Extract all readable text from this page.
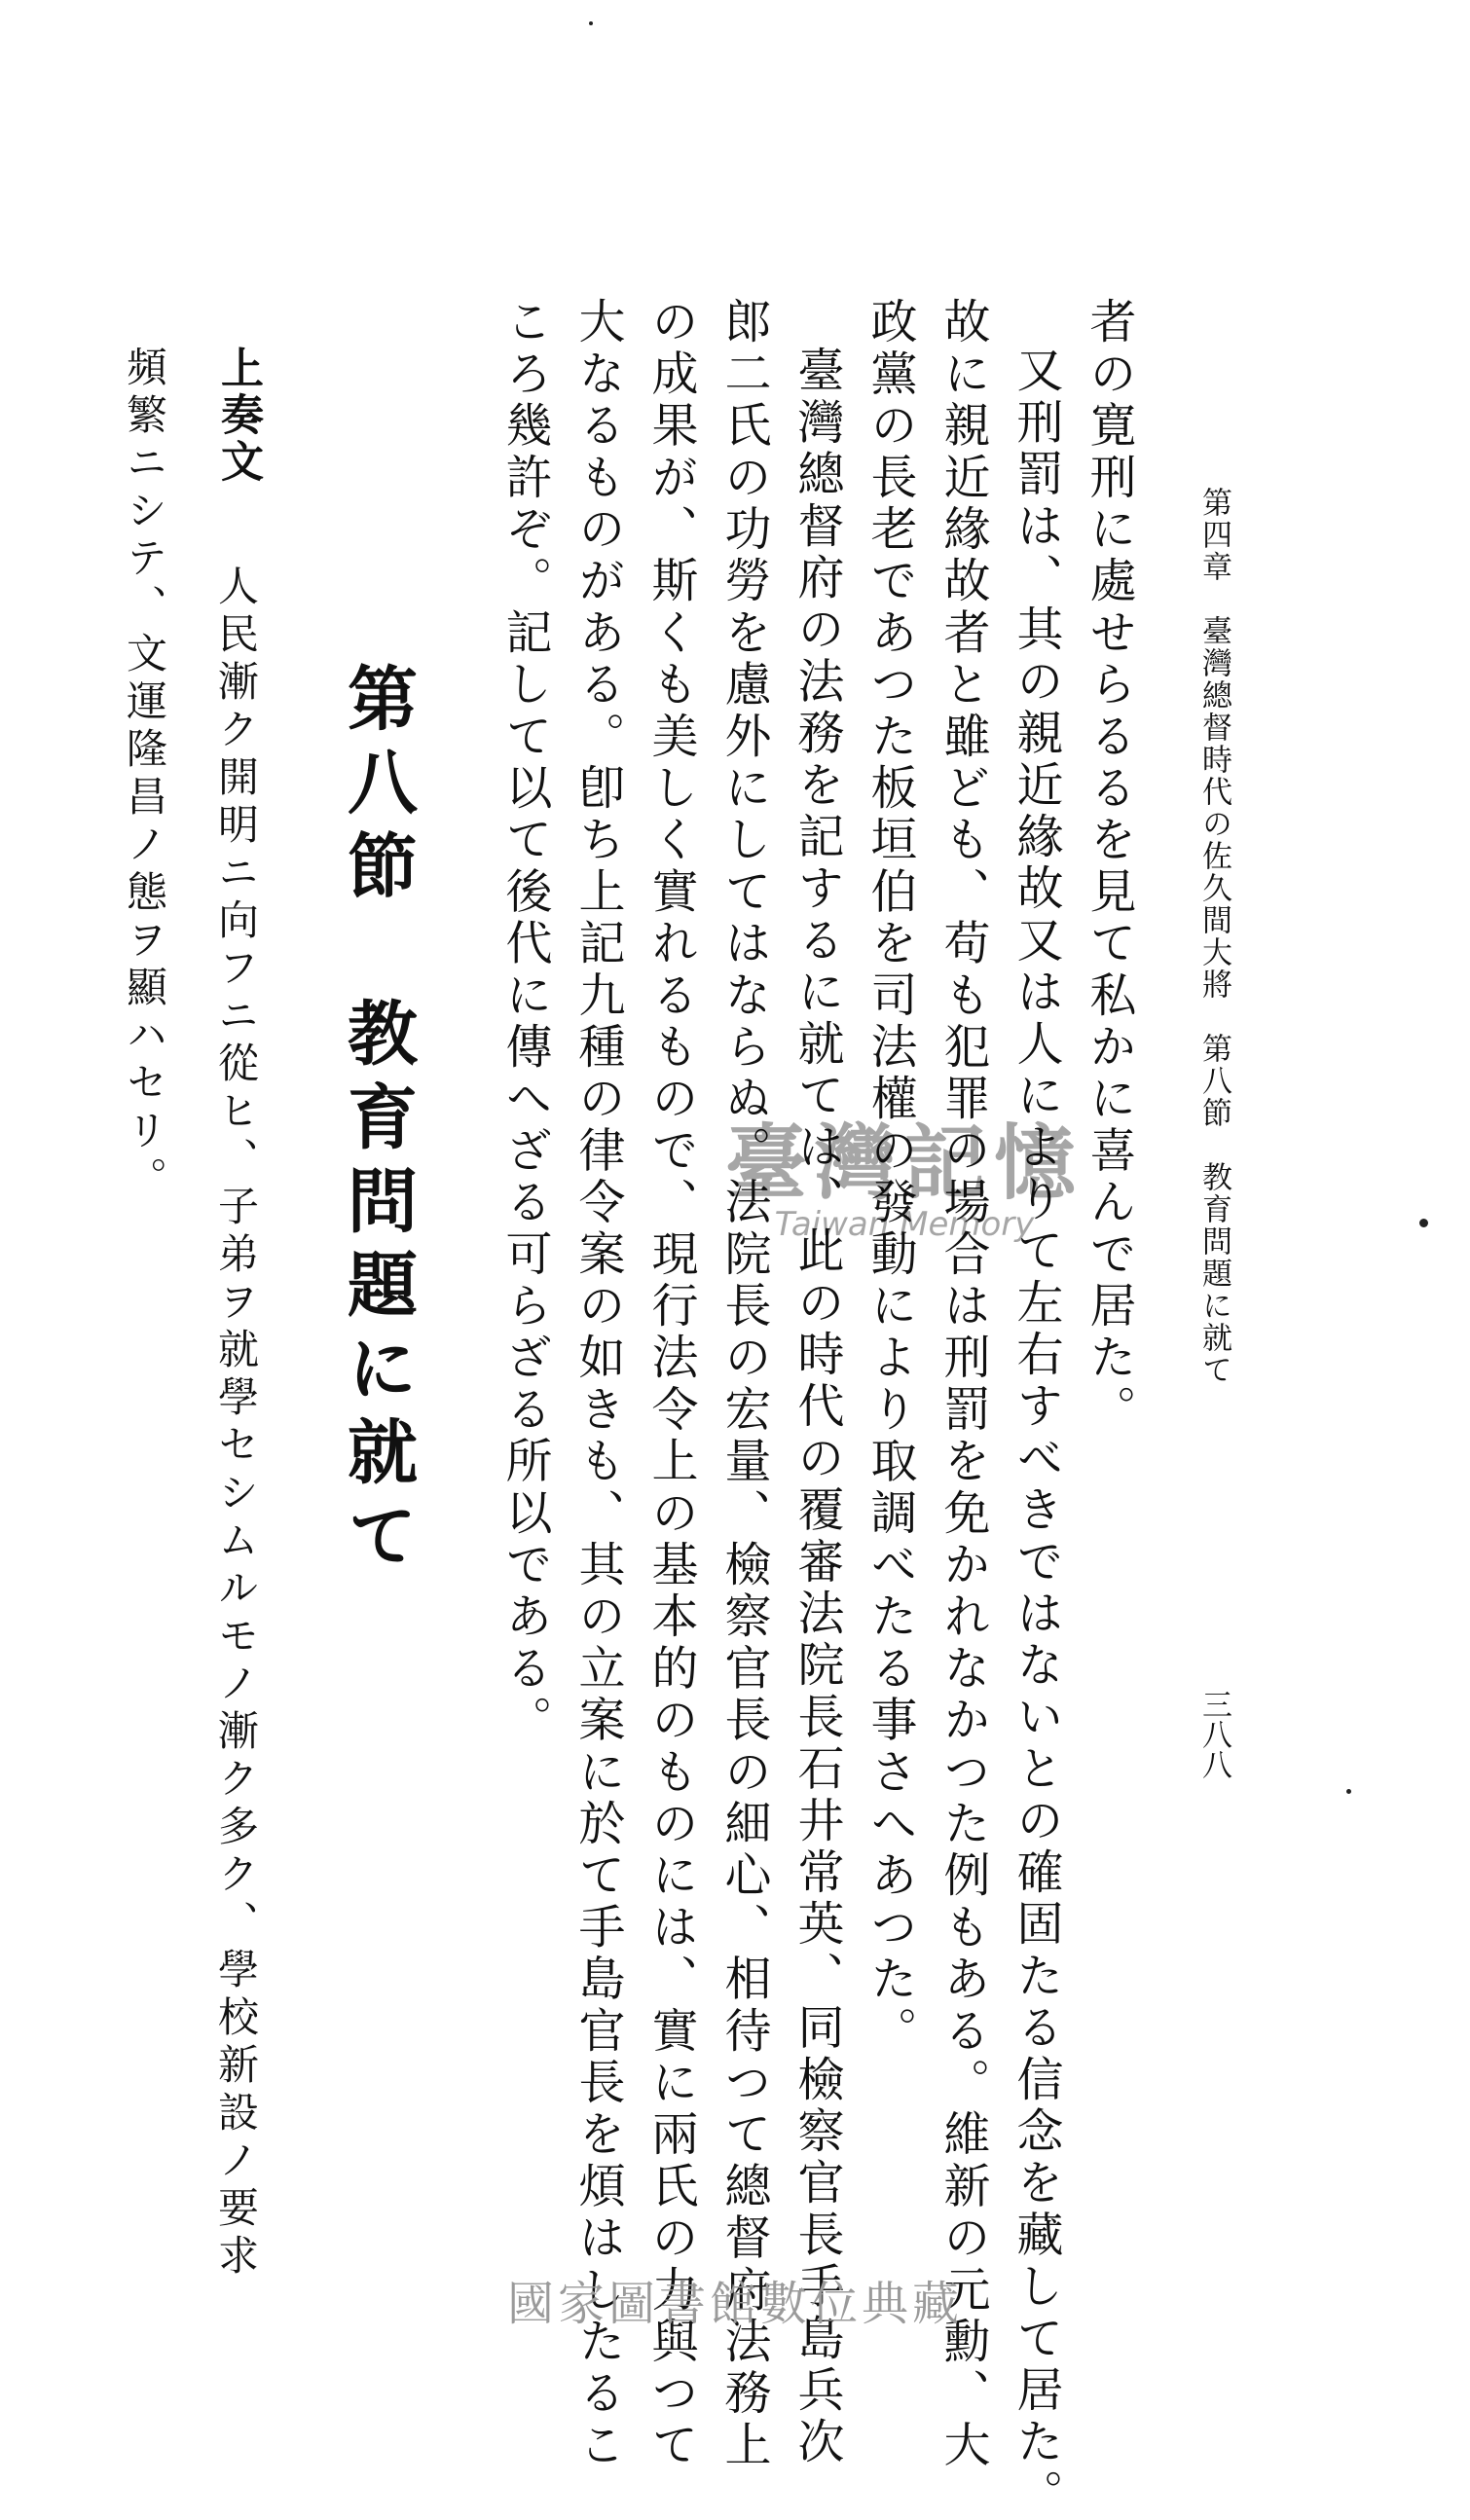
第四章　臺灣總督時代の佐久間大將　第八節　教育問題に就て
三八八
者の寛刑に處せらるるを見て私かに喜んで居た。
又刑罰は、其の親近緣故又は人によりて左右すべきではないとの確固たる信念を藏して居た。
故に親近緣故者と雖ども、苟も犯罪の場合は刑罰を免かれなかつた例もある。維新の元勳、大
政黨の長老であつた板垣伯を司法權の發動により取調べたる事さへあつた。
臺灣總督府の法務を記するに就ては、此の時代の覆審法院長石井常英、同檢察官長手島兵次
郎二氏の功勞を慮外にしてはならぬ。法院長の宏量、檢察官長の細心、相待つて總督府法務上
の成果が、斯くも美しく實れるもので、現行法令上の基本的のものには、實に兩氏の力與つて
大なるものがある。卽ち上記九種の律令案の如きも、其の立案に於て手島官長を煩はしたるこ
ころ幾許ぞ。記して以て後代に傳へざる可らざる所以である。
第八節　教育問題に就て
上奏文
人民漸ク開明ニ向フニ從ヒ、子弟ヲ就學セシムルモノ漸ク多ク、學校新設ノ要求
頻繁ニシテ、文運隆昌ノ態ヲ顯ハセリ。	臺灣記憶
Taiwan Memory
國家圖書館數位典藏
